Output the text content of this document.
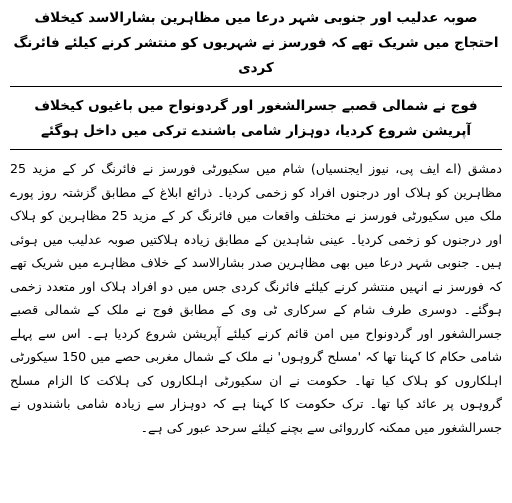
صوبہ عدلیب اور جنوبی شہر درعا میں مظاہرین بشارالاسد کیخلاف احتجاج میں شریک تھے کہ فورسز نے شہریوں کو منتشر کرنے کیلئے فائرنگ کردی

فوج نے شمالی قصبے جسرالشغور اور گردونواح میں باغیوں کیخلاف آپریشن شروع کردیا، دوہزار شامی باشندے ترکی میں داخل ہوگئے

دمشق (اے ایف پی، نیوز ایجنسیاں) شام میں سکیورٹی فورسز نے فائرنگ کر کے مزید 25 مظاہرین کو ہلاک اور درجنوں افراد کو زخمی کردیا۔ ذرائع ابلاغ کے مطابق گزشتہ روز پورے ملک میں سکیورٹی فورسز نے مختلف واقعات میں فائرنگ کر کے مزید 25 مظاہرین کو ہلاک اور درجنوں کو زخمی کردیا۔ عینی شاہدین کے مطابق زیادہ ہلاکتیں صوبہ عدلیب میں ہوئی ہیں۔ جنوبی شہر درعا میں بھی مظاہرین صدر بشارالاسد کے خلاف مظاہرے میں شریک تھے کہ فورسز نے انہیں منتشر کرنے کیلئے فائرنگ کردی جس میں دو افراد ہلاک اور متعدد زخمی ہوگئے۔ دوسری طرف شام کے سرکاری ٹی وی کے مطابق فوج نے ملک کے شمالی قصبے جسرالشغور اور گردونواح میں امن قائم کرنے کیلئے آپریشن شروع کردیا ہے۔ اس سے پہلے شامی حکام کا کہنا تھا کہ 'مسلح گروہوں' نے ملک کے شمال مغربی حصے میں 150 سیکورٹی اہلکاروں کو ہلاک کیا تھا۔ حکومت نے ان سکیورٹی اہلکاروں کی ہلاکت کا الزام مسلح گروہوں پر عائد کیا تھا۔ ترک حکومت کا کہنا ہے کہ دوہزار سے زیادہ شامی باشندوں نے جسرالشغور میں ممکنہ کارروائی سے بچنے کیلئے سرحد عبور کی ہے۔
